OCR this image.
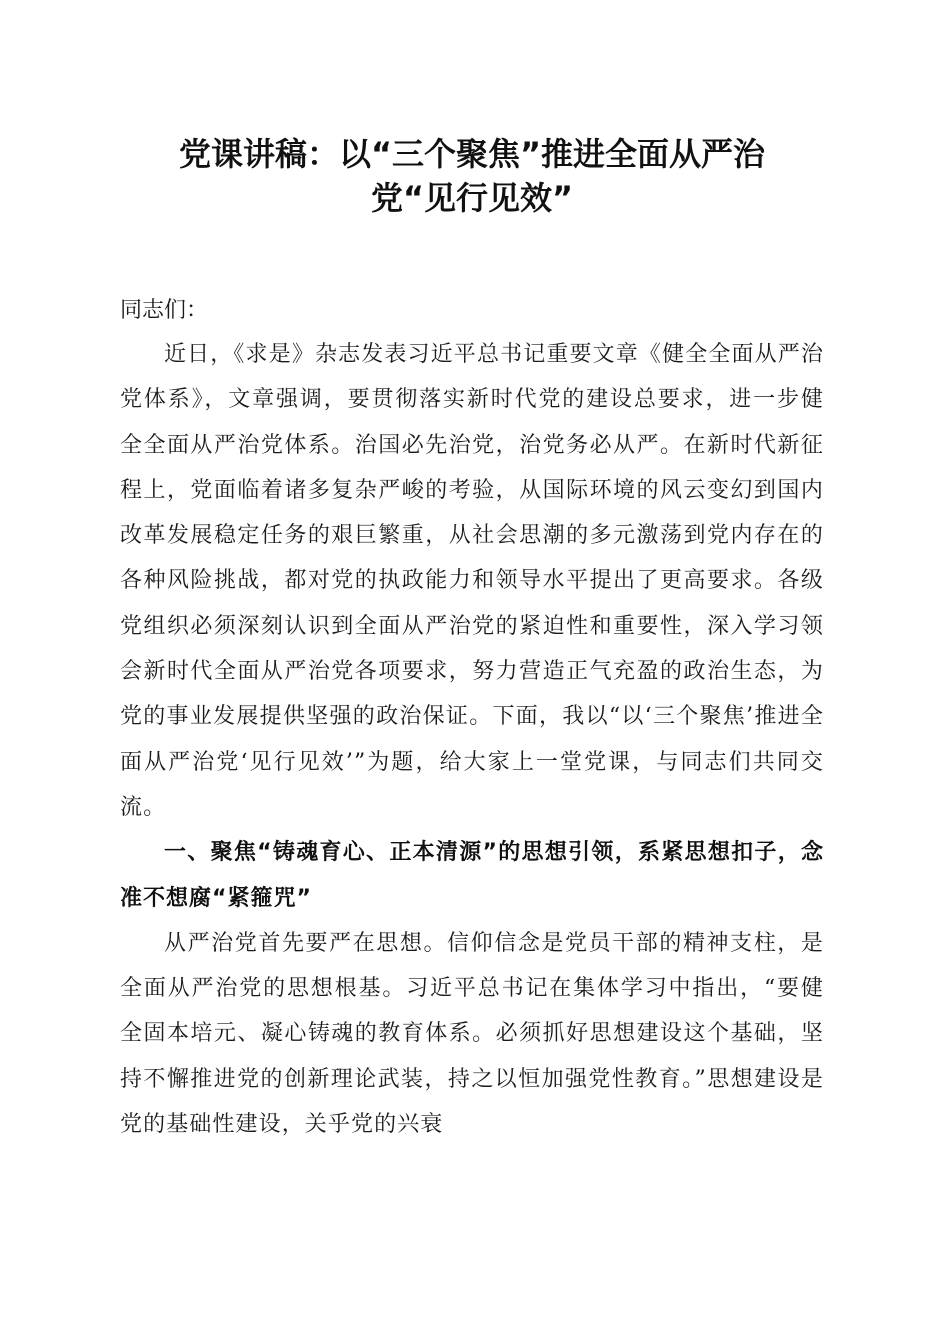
党课讲稿：以“三个聚焦”推进全面从严治
党“见行见效”

同志们：

近日，《求是》杂志发表习近平总书记重要文章《健全全面从严治党体系》，文章强调，要贯彻落实新时代党的建设总要求，进一步健全全面从严治党体系。治国必先治党，治党务必从严。在新时代新征程上，党面临着诸多复杂严峻的考验，从国际环境的风云变幻到国内改革发展稳定任务的艰巨繁重，从社会思潮的多元激荡到党内存在的各种风险挑战，都对党的执政能力和领导水平提出了更高要求。各级党组织必须深刻认识到全面从严治党的紧迫性和重要性，深入学习领会新时代全面从严治党各项要求，努力营造正气充盈的政治生态，为党的事业发展提供坚强的政治保证。下面，我以“以‘三个聚焦’推进全面从严治党‘见行见效’”为题，给大家上一堂党课，与同志们共同交流。

一、聚焦“铸魂育心、正本清源”的思想引领，系紧思想扣子，念准不想腐“紧箍咒”

从严治党首先要严在思想。信仰信念是党员干部的精神支柱，是全面从严治党的思想根基。习近平总书记在集体学习中指出，“要健全固本培元、凝心铸魂的教育体系。必须抓好思想建设这个基础，坚持不懈推进党的创新理论武装，持之以恒加强党性教育。”思想建设是党的基础性建设，关乎党的兴衰
